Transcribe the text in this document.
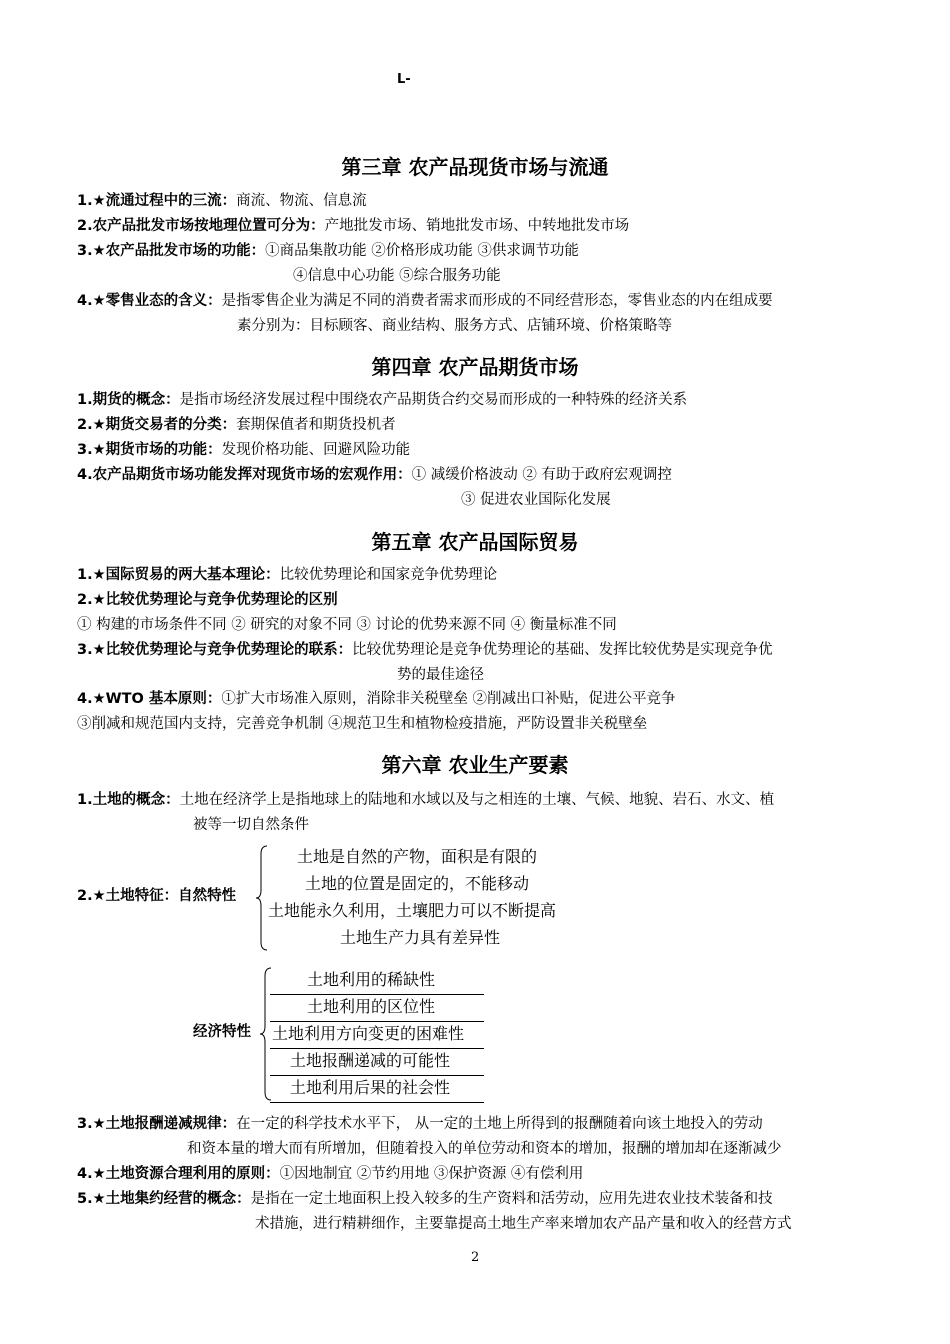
L-
第三章 农产品现货市场与流通
1.★流通过程中的三流：商流、物流、信息流
2.农产品批发市场按地理位置可分为：产地批发市场、销地批发市场、中转地批发市场
3.★农产品批发市场的功能：①商品集散功能 ②价格形成功能 ③供求调节功能
④信息中心功能 ⑤综合服务功能
4.★零售业态的含义：是指零售企业为满足不同的消费者需求而形成的不同经营形态，零售业态的内在组成要
素分别为：目标顾客、商业结构、服务方式、店铺环境、价格策略等
第四章 农产品期货市场
1.期货的概念：是指市场经济发展过程中围绕农产品期货合约交易而形成的一种特殊的经济关系
2.★期货交易者的分类：套期保值者和期货投机者
3.★期货市场的功能：发现价格功能、回避风险功能
4.农产品期货市场功能发挥对现货市场的宏观作用：① 减缓价格波动 ② 有助于政府宏观调控
③ 促进农业国际化发展
第五章 农产品国际贸易
1.★国际贸易的两大基本理论：比较优势理论和国家竞争优势理论
2.★比较优势理论与竞争优势理论的区别
① 构建的市场条件不同 ② 研究的对象不同 ③ 讨论的优势来源不同 ④ 衡量标准不同
3.★比较优势理论与竞争优势理论的联系：比较优势理论是竞争优势理论的基础、发挥比较优势是实现竞争优
势的最佳途径
4.★WTO 基本原则：①扩大市场准入原则，消除非关税壁垒 ②削减出口补贴，促进公平竞争
③削减和规范国内支持，完善竞争机制 ④规范卫生和植物检疫措施，严防设置非关税壁垒
第六章 农业生产要素
1.土地的概念：土地在经济学上是指地球上的陆地和水域以及与之相连的土壤、气候、地貌、岩石、水文、植
被等一切自然条件
2.★土地特征：自然特性
土地是自然的产物，面积是有限的
土地的位置是固定的，不能移动
土地能永久利用，土壤肥力可以不断提高
土地生产力具有差异性
经济特性
土地利用的稀缺性
土地利用的区位性
土地利用方向变更的困难性
土地报酬递减的可能性
土地利用后果的社会性
3.★土地报酬递减规律：在一定的科学技术水平下， 从一定的土地上所得到的报酬随着向该土地投入的劳动
和资本量的增大而有所增加，但随着投入的单位劳动和资本的增加，报酬的增加却在逐渐减少
4.★土地资源合理利用的原则：①因地制宜 ②节约用地 ③保护资源 ④有偿利用
5.★土地集约经营的概念：是指在一定土地面积上投入较多的生产资料和活劳动，应用先进农业技术装备和技
术措施，进行精耕细作，主要靠提高土地生产率来增加农产品产量和收入的经营方式
2
